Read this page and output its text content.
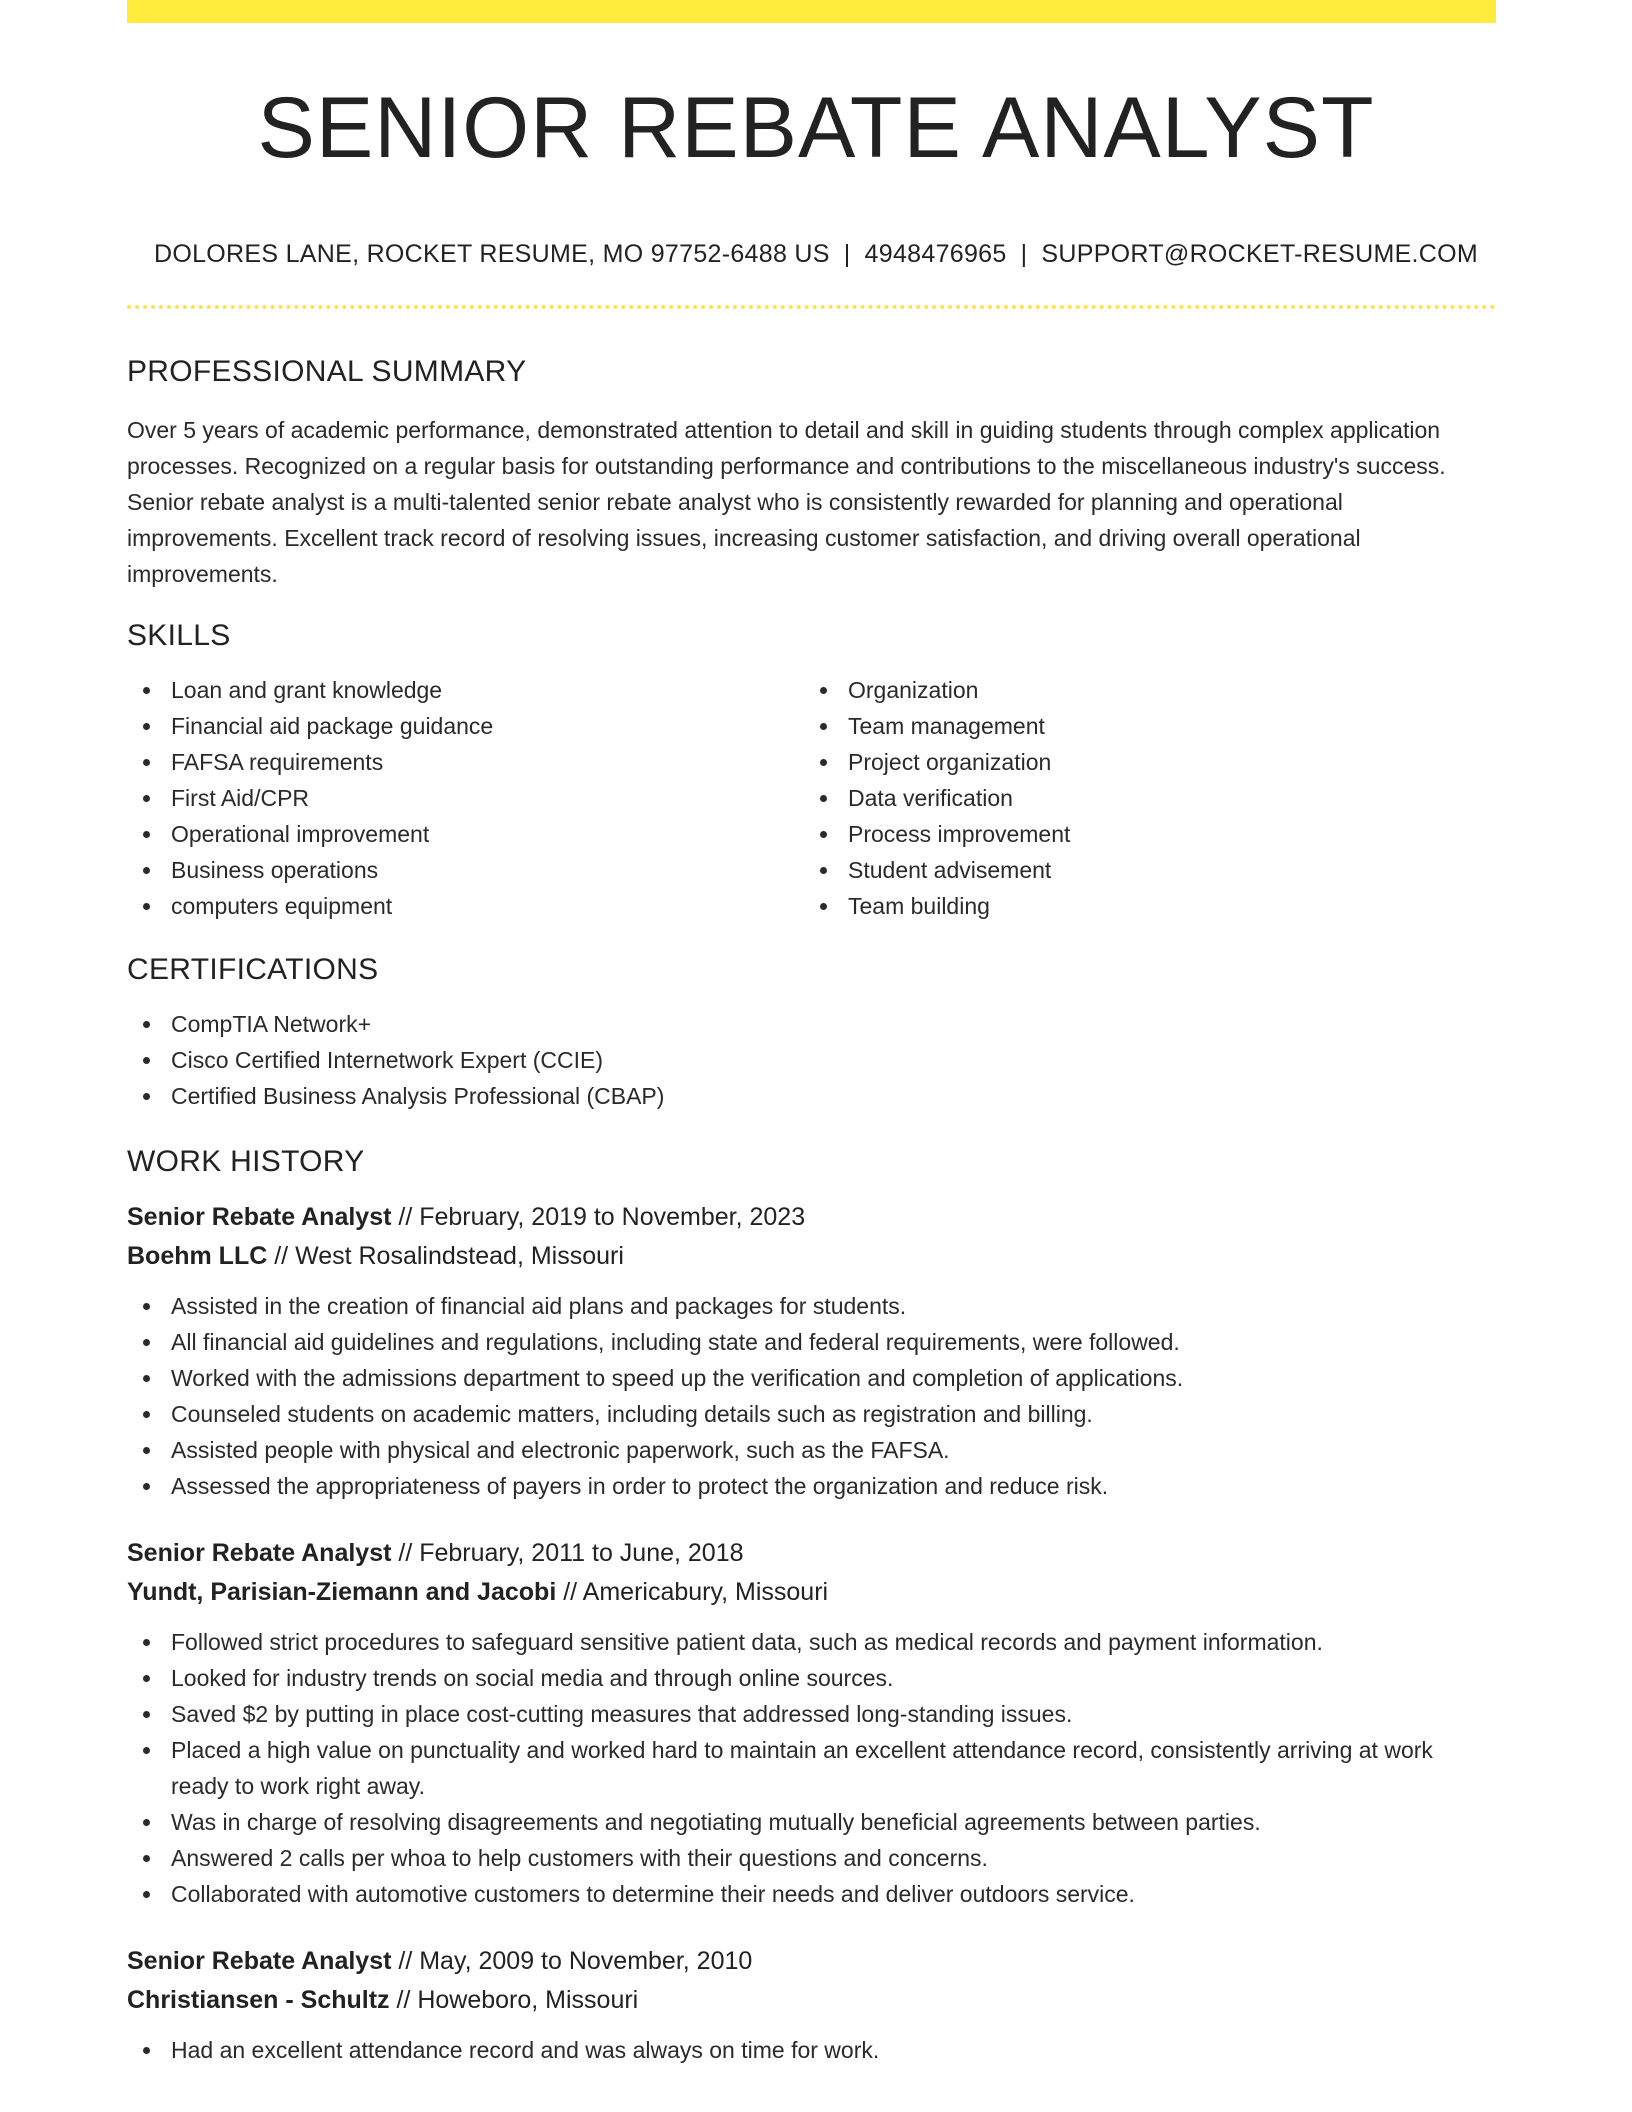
SENIOR REBATE ANALYST
DOLORES LANE, ROCKET RESUME, MO 97752-6488 US | 4948476965 | SUPPORT@ROCKET-RESUME.COM
PROFESSIONAL SUMMARY

Over 5 years of academic performance, demonstrated attention to detail and skill in guiding students through complex application processes. Recognized on a regular basis for outstanding performance and contributions to the miscellaneous industry's success. Senior rebate analyst is a multi-talented senior rebate analyst who is consistently rewarded for planning and operational improvements. Excellent track record of resolving issues, increasing customer satisfaction, and driving overall operational improvements.

SKILLS
Loan and grant knowledge
Financial aid package guidance
FAFSA requirements
First Aid/CPR
Operational improvement
Business operations
computers equipment
Organization
Team management
Project organization
Data verification
Process improvement
Student advisement
Team building
CERTIFICATIONS
CompTIA Network+
Cisco Certified Internetwork Expert (CCIE)
Certified Business Analysis Professional (CBAP)
WORK HISTORY
Senior Rebate Analyst // February, 2019 to November, 2023
Boehm LLC // West Rosalindstead, Missouri
Assisted in the creation of financial aid plans and packages for students.
All financial aid guidelines and regulations, including state and federal requirements, were followed.
Worked with the admissions department to speed up the verification and completion of applications.
Counseled students on academic matters, including details such as registration and billing.
Assisted people with physical and electronic paperwork, such as the FAFSA.
Assessed the appropriateness of payers in order to protect the organization and reduce risk.
Senior Rebate Analyst // February, 2011 to June, 2018
Yundt, Parisian-Ziemann and Jacobi // Americabury, Missouri
Followed strict procedures to safeguard sensitive patient data, such as medical records and payment information.
Looked for industry trends on social media and through online sources.
Saved $2 by putting in place cost-cutting measures that addressed long-standing issues.
Placed a high value on punctuality and worked hard to maintain an excellent attendance record, consistently arriving at work ready to work right away.
Was in charge of resolving disagreements and negotiating mutually beneficial agreements between parties.
Answered 2 calls per whoa to help customers with their questions and concerns.
Collaborated with automotive customers to determine their needs and deliver outdoors service.
Senior Rebate Analyst // May, 2009 to November, 2010
Christiansen - Schultz // Howeboro, Missouri
Had an excellent attendance record and was always on time for work.
